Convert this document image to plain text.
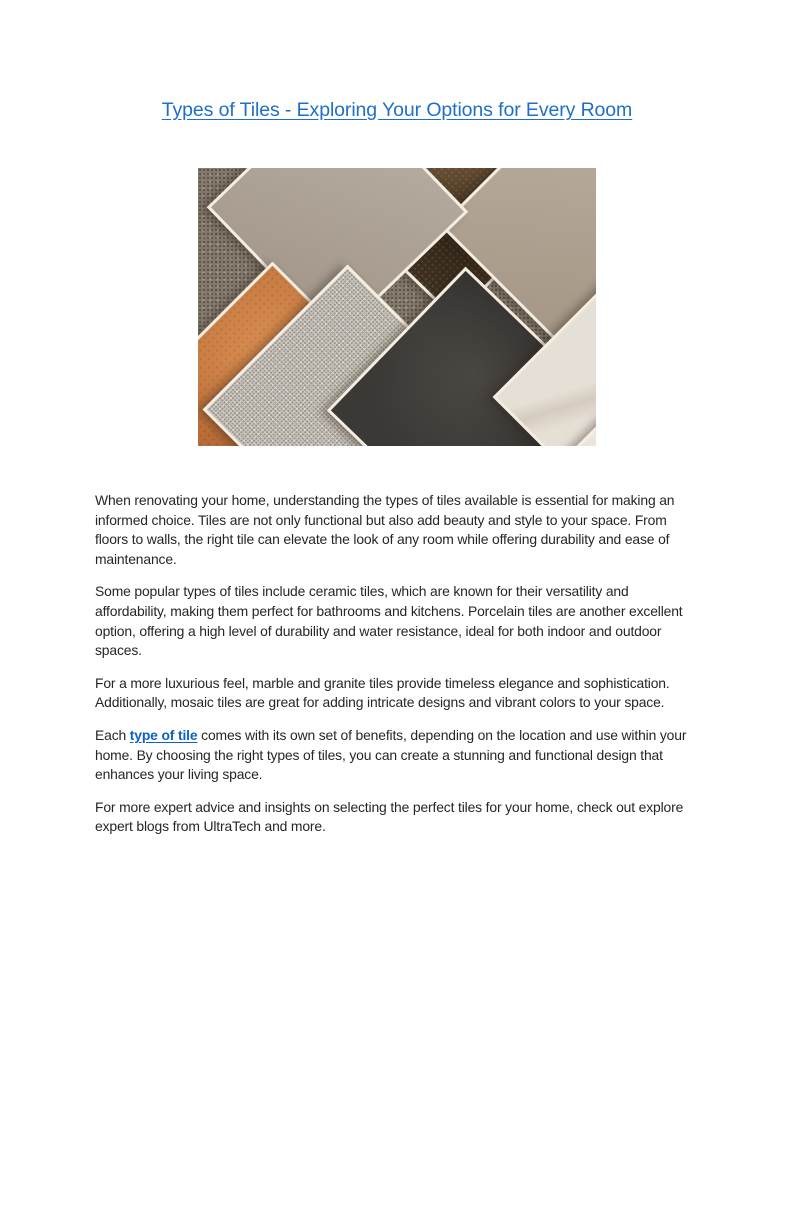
Types of Tiles - Exploring Your Options for Every Room

When renovating your home, understanding the types of tiles available is essential for making an informed choice. Tiles are not only functional but also add beauty and style to your space. From floors to walls, the right tile can elevate the look of any room while offering durability and ease of maintenance.

Some popular types of tiles include ceramic tiles, which are known for their versatility and affordability, making them perfect for bathrooms and kitchens. Porcelain tiles are another excellent option, offering a high level of durability and water resistance, ideal for both indoor and outdoor spaces.

For a more luxurious feel, marble and granite tiles provide timeless elegance and sophistication. Additionally, mosaic tiles are great for adding intricate designs and vibrant colors to your space.

Each type of tile comes with its own set of benefits, depending on the location and use within your home. By choosing the right types of tiles, you can create a stunning and functional design that enhances your living space.

For more expert advice and insights on selecting the perfect tiles for your home, check out explore expert blogs from UltraTech and more.
